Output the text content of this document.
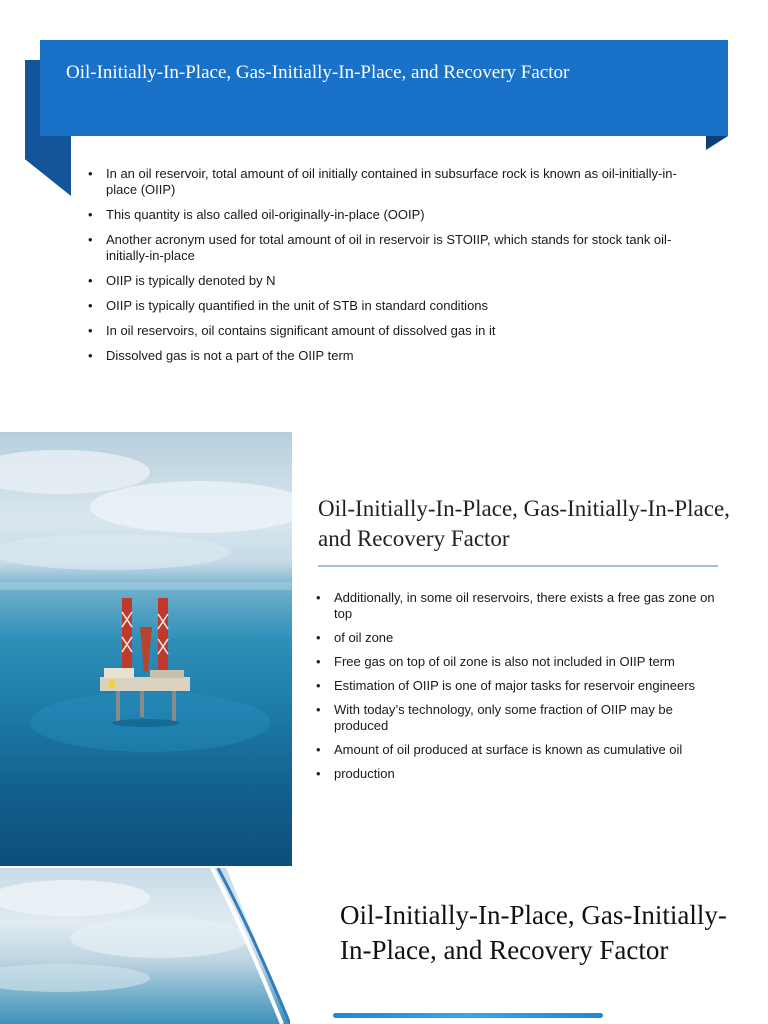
Oil-Initially-In-Place, Gas-Initially-In-Place, and Recovery Factor
• In an oil reservoir, total amount of oil initially contained in subsurface rock is known as oil-initially-in-place (OIIP)
• This quantity is also called oil-originally-in-place (OOIP)
• Another acronym used for total amount of oil in reservoir is STOIIP, which stands for stock tank oil-initially-in-place
• OIIP is typically denoted by N
• OIIP is typically quantified in the unit of STB in standard conditions
• In oil reservoirs, oil contains significant amount of dissolved gas in it
• Dissolved gas is not a part of the OIIP term
Oil-Initially-In-Place, Gas-Initially-In-Place, and Recovery Factor
• Additionally, in some oil reservoirs, there exists a free gas zone on top
• of oil zone
• Free gas on top of oil zone is also not included in OIIP term
• Estimation of OIIP is one of major tasks for reservoir engineers
• With today’s technology, only some fraction of OIIP may be produced
• Amount of oil produced at surface is known as cumulative oil
• production
Oil-Initially-In-Place, Gas-Initially-In-Place, and Recovery Factor
